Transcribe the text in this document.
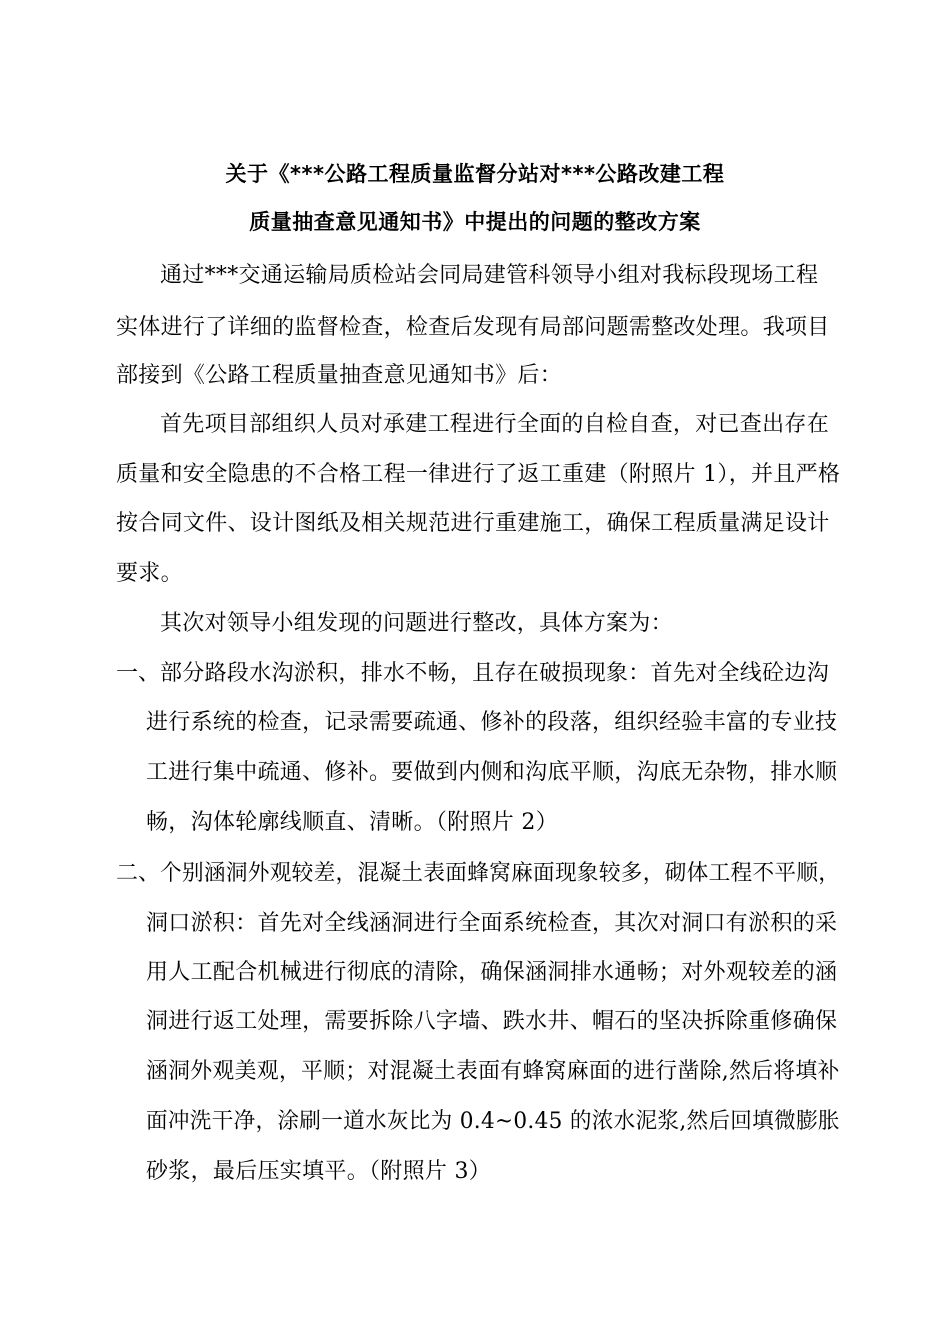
关于《***公路工程质量监督分站对***公路改建工程
质量抽查意见通知书》中提出的问题的整改方案
通过***交通运输局质检站会同局建管科领导小组对我标段现场工程
实体进行了详细的监督检查，检查后发现有局部问题需整改处理。我项目
部接到《公路工程质量抽查意见通知书》后：
首先项目部组织人员对承建工程进行全面的自检自查，对已查出存在
质量和安全隐患的不合格工程一律进行了返工重建（附照片 1），并且严格
按合同文件、设计图纸及相关规范进行重建施工，确保工程质量满足设计
要求。
其次对领导小组发现的问题进行整改，具体方案为：
一、 部分路段水沟淤积，排水不畅，且存在破损现象：首先对全线砼边沟
进行系统的检查，记录需要疏通、修补的段落，组织经验丰富的专业技
工进行集中疏通、修补。要做到内侧和沟底平顺，沟底无杂物，排水顺
畅，沟体轮廓线顺直、清晰。（附照片 2）
二、 个别涵洞外观较差，混凝土表面蜂窝麻面现象较多，砌体工程不平顺，
洞口淤积：首先对全线涵洞进行全面系统检查，其次对洞口有淤积的采
用人工配合机械进行彻底的清除，确保涵洞排水通畅；对外观较差的涵
洞进行返工处理，需要拆除八字墙、跌水井、帽石的坚决拆除重修确保
涵洞外观美观，平顺；对混凝土表面有蜂窝麻面的进行凿除,然后将填补
面冲洗干净，涂刷一道水灰比为 0.4~0.45 的浓水泥浆,然后回填微膨胀
砂浆，最后压实填平。（附照片 3）
